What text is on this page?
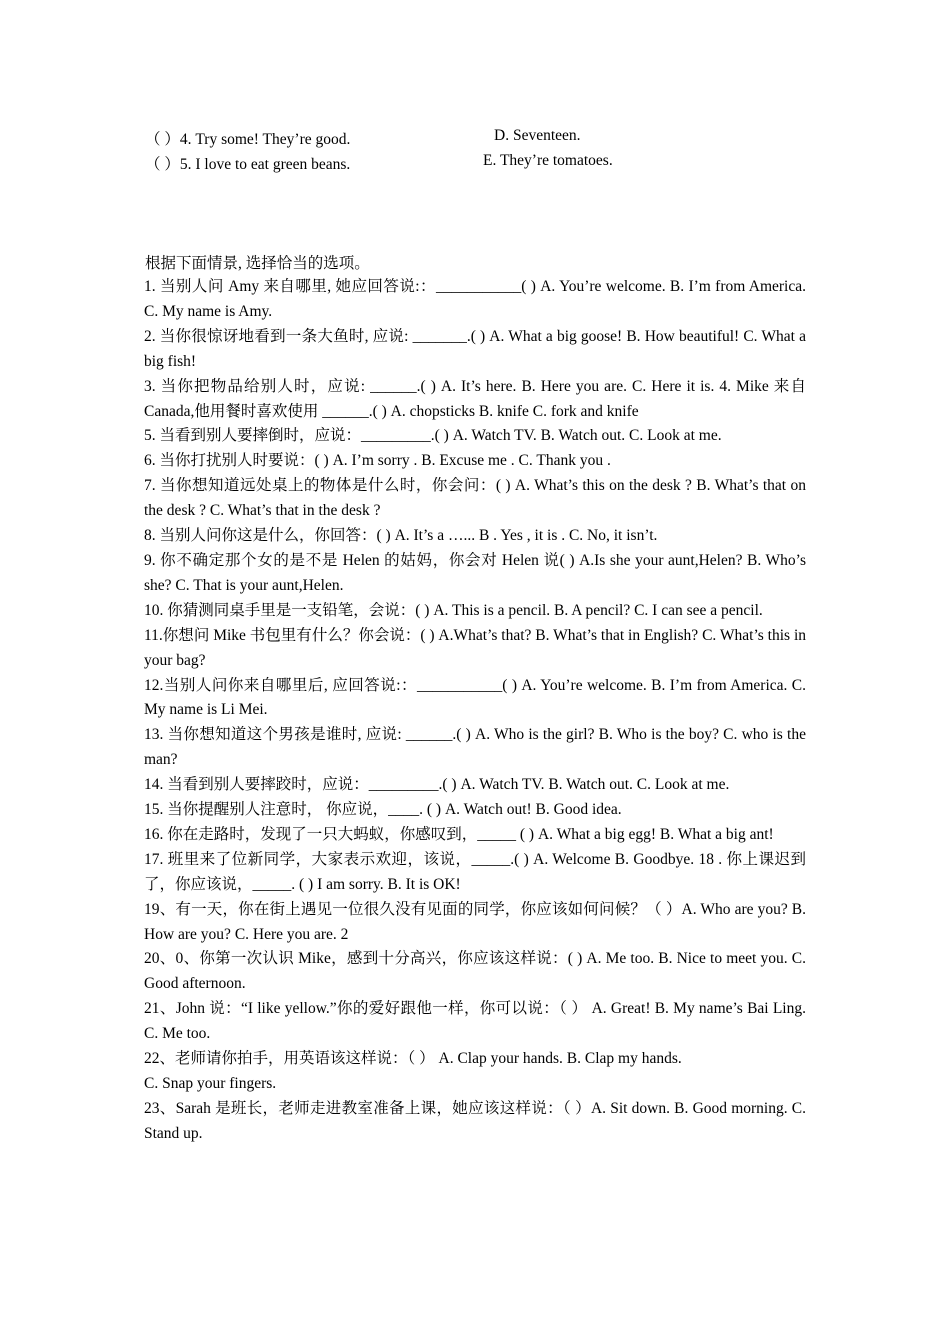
（ ）4. Try some! They’re good.	D. Seventeen.
（ ）5. I love to eat green beans.	E. They’re tomatoes.
根据下面情景, 选择恰当的选项。

1. 当别人问 Amy 来自哪里, 她应回答说:：___________( ) A. You’re welcome. B. I’m from America. C. My name is Amy.

2. 当你很惊讶地看到一条大鱼时, 应说: _______.( ) A. What a big goose! B. How beautiful! C. What a big fish!

3. 当你把物品给别人时，应说: ______.( ) A. It’s here. B. Here you are. C. Here it is. 4. Mike 来自 Canada,他用餐时喜欢使用 ______.( ) A. chopsticks B. knife C. fork and knife

5. 当看到别人要摔倒时，应说：_________.( ) A. Watch TV. B. Watch out. C. Look at me.

6. 当你打扰别人时要说：( ) A. I’m sorry . B. Excuse me . C. Thank you .

7. 当你想知道远处桌上的物体是什么时，你会问：( ) A. What’s this on the desk ? B. What’s that on the desk ? C. What’s that in the desk ?

8. 当别人问你这是什么，你回答：( ) A. It’s a …... B . Yes , it is . C. No, it isn’t.

9. 你不确定那个女的是不是 Helen 的姑妈，你会对 Helen 说( ) A.Is she your aunt,Helen? B. Who’s she? C. That is your aunt,Helen.

10. 你猜测同桌手里是一支铅笔，会说：( ) A. This is a pencil. B. A pencil? C. I can see a pencil.

11.你想问 Mike 书包里有什么？你会说：( ) A.What’s that? B. What’s that in English? C. What’s this in your bag?

12.当别人问你来自哪里后, 应回答说:：___________( ) A. You’re welcome. B. I’m from America. C. My name is Li Mei.

13. 当你想知道这个男孩是谁时, 应说: ______.( ) A. Who is the girl? B. Who is the boy? C. who is the man?

14. 当看到别人要摔跤时，应说：_________.( ) A. Watch TV. B. Watch out. C. Look at me.

15. 当你提醒别人注意时， 你应说，____. ( ) A. Watch out! B. Good idea.

16. 你在走路时，发现了一只大蚂蚁，你感叹到，_____ ( ) A. What a big egg! B. What a big ant!

17. 班里来了位新同学，大家表示欢迎，该说，_____.( ) A. Welcome B. Goodbye. 18 . 你上课迟到了，你应该说，_____. ( ) I am sorry. B. It is OK!

19、有一天，你在街上遇见一位很久没有见面的同学，你应该如何问候？（ ）A. Who are you? B. How are you? C. Here you are. 2

20、0、你第一次认识 Mike，感到十分高兴，你应该这样说：( ) A. Me too. B. Nice to meet you. C. Good afternoon.

21、John 说：“I like yellow.”你的爱好跟他一样，你可以说：（ ） A. Great! B. My name’s Bai Ling. C. Me too.

22、老师请你拍手，用英语该这样说：（ ） A. Clap your hands. B. Clap my hands.

C. Snap your fingers.

23、Sarah 是班长，老师走进教室准备上课，她应该这样说：（ ）A. Sit down. B. Good morning. C. Stand up.
